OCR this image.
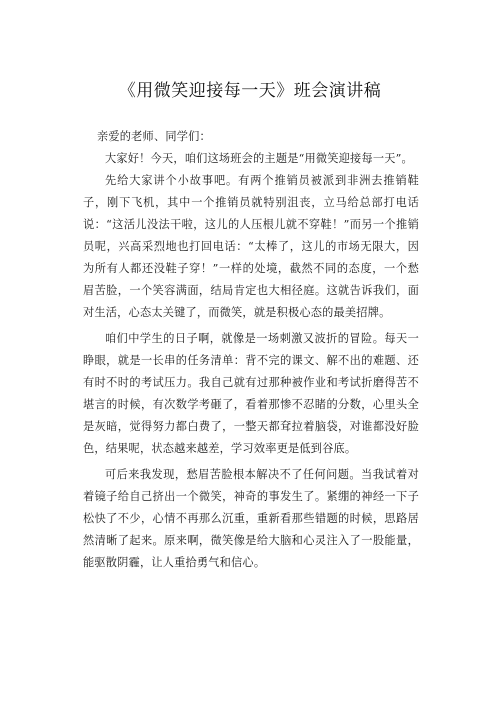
《用微笑迎接每一天》班会演讲稿

亲爱的老师、同学们：

大家好！今天，咱们这场班会的主题是“用微笑迎接每一天”。

先给大家讲个小故事吧。有两个推销员被派到非洲去推销鞋子，刚下飞机，其中一个推销员就特别沮丧，立马给总部打电话说：“这活儿没法干啦，这儿的人压根儿就不穿鞋！”而另一个推销员呢，兴高采烈地也打回电话：“太棒了，这儿的市场无限大，因为所有人都还没鞋子穿！”一样的处境，截然不同的态度，一个愁眉苦脸，一个笑容满面，结局肯定也大相径庭。这就告诉我们，面对生活，心态太关键了，而微笑，就是积极心态的最美招牌。

咱们中学生的日子啊，就像是一场刺激又波折的冒险。每天一睁眼，就是一长串的任务清单：背不完的课文、解不出的难题、还有时不时的考试压力。我自己就有过那种被作业和考试折磨得苦不堪言的时候，有次数学考砸了，看着那惨不忍睹的分数，心里头全是灰暗，觉得努力都白费了，一整天都耷拉着脑袋，对谁都没好脸色，结果呢，状态越来越差，学习效率更是低到谷底。

可后来我发现，愁眉苦脸根本解决不了任何问题。当我试着对着镜子给自己挤出一个微笑，神奇的事发生了。紧绷的神经一下子松快了不少，心情不再那么沉重，重新看那些错题的时候，思路居然清晰了起来。原来啊，微笑像是给大脑和心灵注入了一股能量，能驱散阴霾，让人重拾勇气和信心。
